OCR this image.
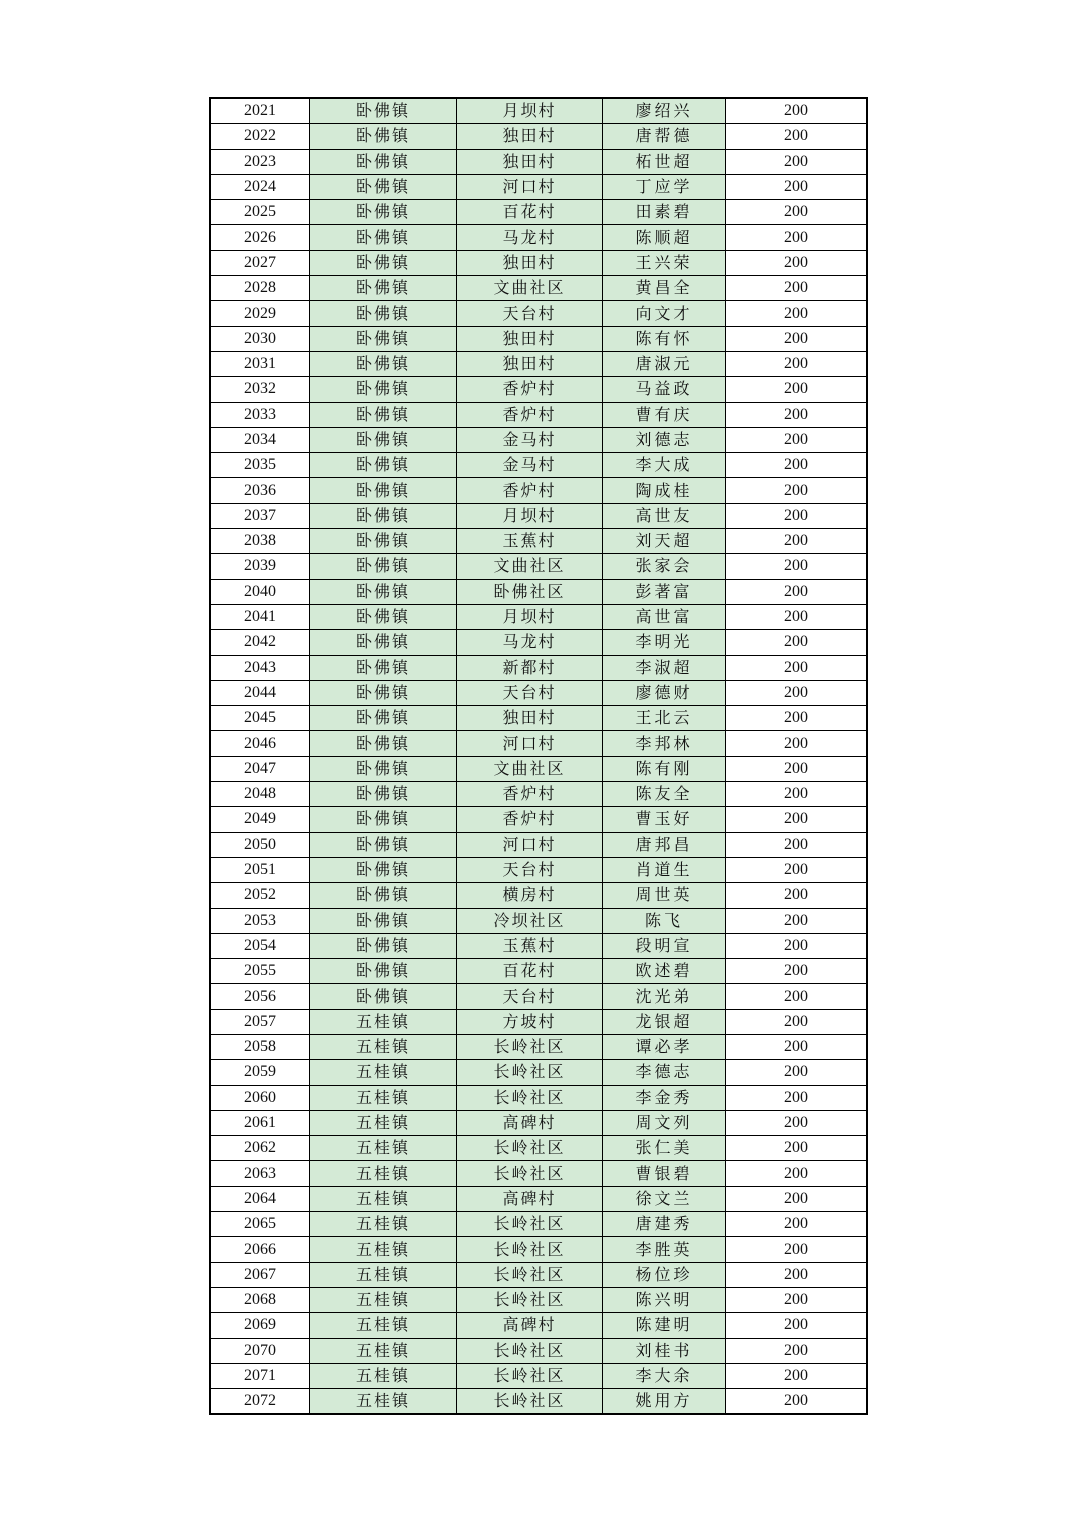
2021	卧佛镇	月坝村	廖绍兴	200
2022	卧佛镇	独田村	唐帮德	200
2023	卧佛镇	独田村	柘世超	200
2024	卧佛镇	河口村	丁应学	200
2025	卧佛镇	百花村	田素碧	200
2026	卧佛镇	马龙村	陈顺超	200
2027	卧佛镇	独田村	王兴荣	200
2028	卧佛镇	文曲社区	黄昌全	200
2029	卧佛镇	天台村	向文才	200
2030	卧佛镇	独田村	陈有怀	200
2031	卧佛镇	独田村	唐淑元	200
2032	卧佛镇	香炉村	马益政	200
2033	卧佛镇	香炉村	曹有庆	200
2034	卧佛镇	金马村	刘德志	200
2035	卧佛镇	金马村	李大成	200
2036	卧佛镇	香炉村	陶成桂	200
2037	卧佛镇	月坝村	高世友	200
2038	卧佛镇	玉蕉村	刘天超	200
2039	卧佛镇	文曲社区	张家会	200
2040	卧佛镇	卧佛社区	彭著富	200
2041	卧佛镇	月坝村	高世富	200
2042	卧佛镇	马龙村	李明光	200
2043	卧佛镇	新都村	李淑超	200
2044	卧佛镇	天台村	廖德财	200
2045	卧佛镇	独田村	王北云	200
2046	卧佛镇	河口村	李邦林	200
2047	卧佛镇	文曲社区	陈有刚	200
2048	卧佛镇	香炉村	陈友全	200
2049	卧佛镇	香炉村	曹玉好	200
2050	卧佛镇	河口村	唐邦昌	200
2051	卧佛镇	天台村	肖道生	200
2052	卧佛镇	横房村	周世英	200
2053	卧佛镇	冷坝社区	陈飞	200
2054	卧佛镇	玉蕉村	段明宣	200
2055	卧佛镇	百花村	欧述碧	200
2056	卧佛镇	天台村	沈光弟	200
2057	五桂镇	方坡村	龙银超	200
2058	五桂镇	长岭社区	谭必孝	200
2059	五桂镇	长岭社区	李德志	200
2060	五桂镇	长岭社区	李金秀	200
2061	五桂镇	高碑村	周文列	200
2062	五桂镇	长岭社区	张仁美	200
2063	五桂镇	长岭社区	曹银碧	200
2064	五桂镇	高碑村	徐文兰	200
2065	五桂镇	长岭社区	唐建秀	200
2066	五桂镇	长岭社区	李胜英	200
2067	五桂镇	长岭社区	杨位珍	200
2068	五桂镇	长岭社区	陈兴明	200
2069	五桂镇	高碑村	陈建明	200
2070	五桂镇	长岭社区	刘桂书	200
2071	五桂镇	长岭社区	李大余	200
2072	五桂镇	长岭社区	姚用方	200
